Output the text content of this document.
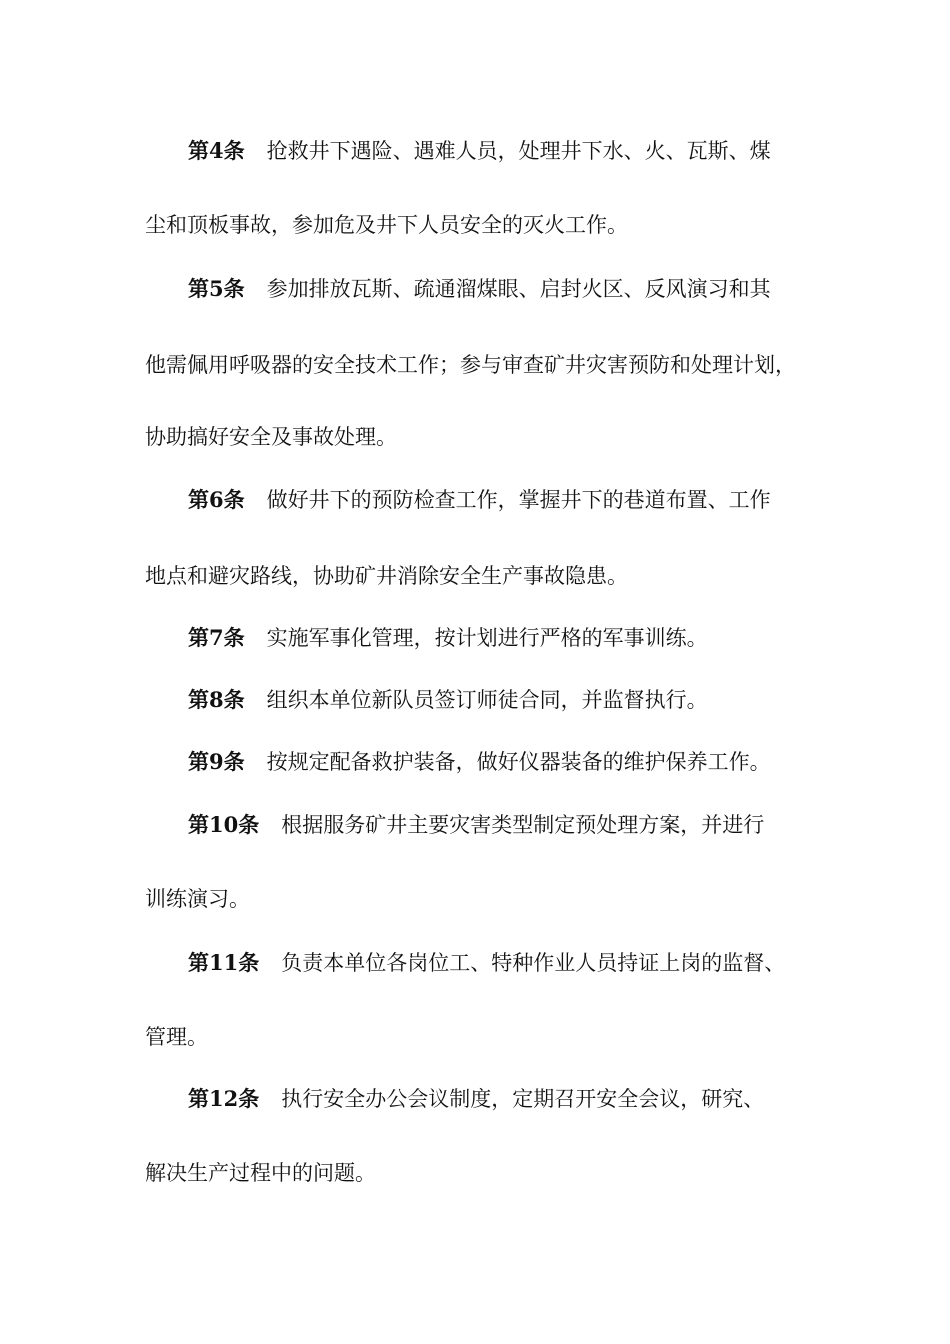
第4条 抢救井下遇险、遇难人员，处理井下水、火、瓦斯、煤
尘和顶板事故，参加危及井下人员安全的灭火工作。
第5条 参加排放瓦斯、疏通溜煤眼、启封火区、反风演习和其
他需佩用呼吸器的安全技术工作；参与审查矿井灾害预防和处理计划，
协助搞好安全及事故处理。
第6条 做好井下的预防检查工作，掌握井下的巷道布置、工作
地点和避灾路线，协助矿井消除安全生产事故隐患。
第7条 实施军事化管理，按计划进行严格的军事训练。
第8条 组织本单位新队员签订师徒合同，并监督执行。
第9条 按规定配备救护装备，做好仪器装备的维护保养工作。
第10条 根据服务矿井主要灾害类型制定预处理方案，并进行
训练演习。
第11条 负责本单位各岗位工、特种作业人员持证上岗的监督、
管理。
第12条 执行安全办公会议制度，定期召开安全会议，研究、
解决生产过程中的问题。
